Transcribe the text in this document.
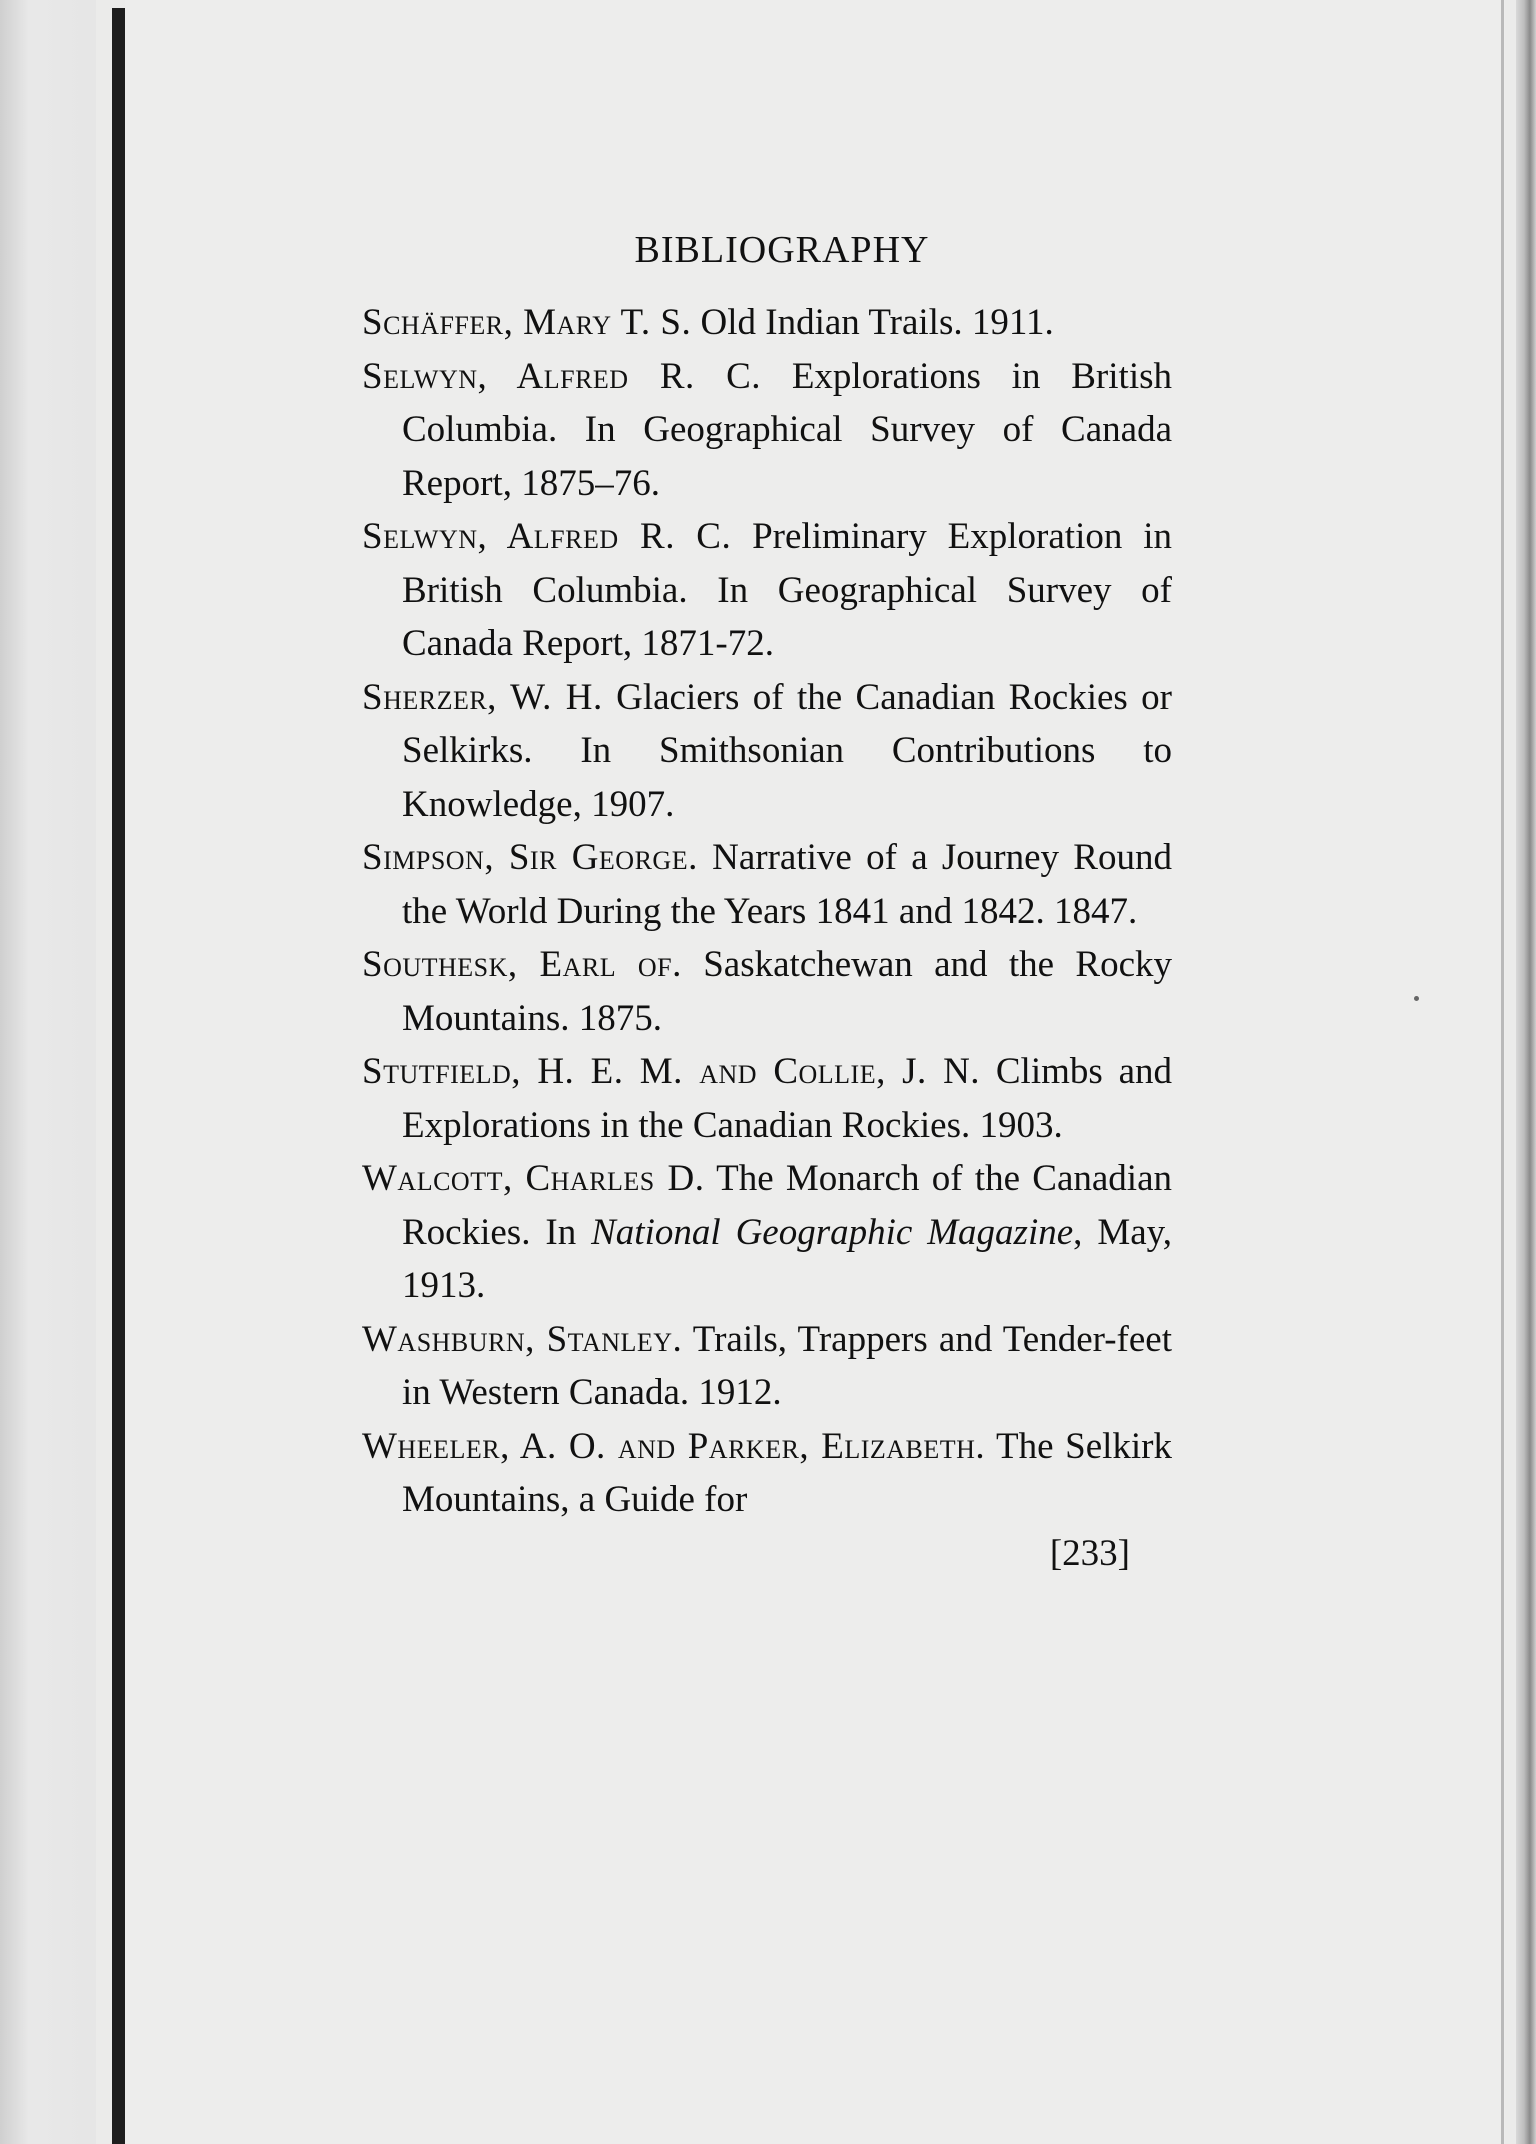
BIBLIOGRAPHY

Schäffer, Mary T. S. Old Indian Trails. 1911.

Selwyn, Alfred R. C. Explorations in British Columbia. In Geographical Survey of Canada Report, 1875–76.

Selwyn, Alfred R. C. Preliminary Exploration in British Columbia. In Geographical Survey of Canada Report, 1871-72.

Sherzer, W. H. Glaciers of the Canadian Rockies or Selkirks. In Smithsonian Contributions to Knowledge, 1907.

Simpson, Sir George. Narrative of a Journey Round the World During the Years 1841 and 1842. 1847.

Southesk, Earl of. Saskatchewan and the Rocky Mountains. 1875.

Stutfield, H. E. M. and Collie, J. N. Climbs and Explorations in the Canadian Rockies. 1903.

Walcott, Charles D. The Monarch of the Canadian Rockies. In National Geographic Magazine, May, 1913.

Washburn, Stanley. Trails, Trappers and Tender-feet in Western Canada. 1912.

Wheeler, A. O. and Parker, Elizabeth. The Selkirk Mountains, a Guide for

[233]
